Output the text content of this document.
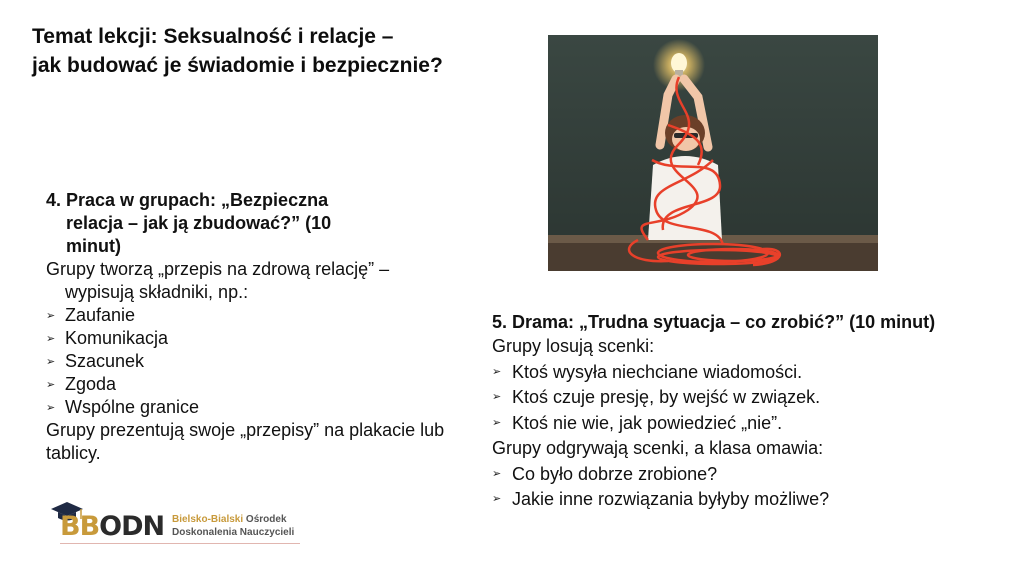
Temat lekcji: Seksualność i relacje –
jak budować je świadomie i bezpiecznie?
4. Praca w grupach: „Bezpieczna relacja – jak ją zbudować?” (10 minut)
Grupy tworzą „przepis na zdrową relację” – wypisują składniki, np.:
➢ Zaufanie
➢ Komunikacja
➢ Szacunek
➢ Zgoda
➢ Wspólne granice
Grupy prezentują swoje „przepisy” na plakacie lub tablicy.
5. Drama: „Trudna sytuacja – co zrobić?” (10 minut)
Grupy losują scenki:
➢ Ktoś wysyła niechciane wiadomości.
➢ Ktoś czuje presję, by wejść w związek.
➢ Ktoś nie wie, jak powiedzieć „nie”.
Grupy odgrywają scenki, a klasa omawia:
➢ Co było dobrze zrobione?
➢ Jakie inne rozwiązania byłyby możliwe?
BBODN Bielsko-Bialski Ośrodek
Doskonalenia Nauczycieli
